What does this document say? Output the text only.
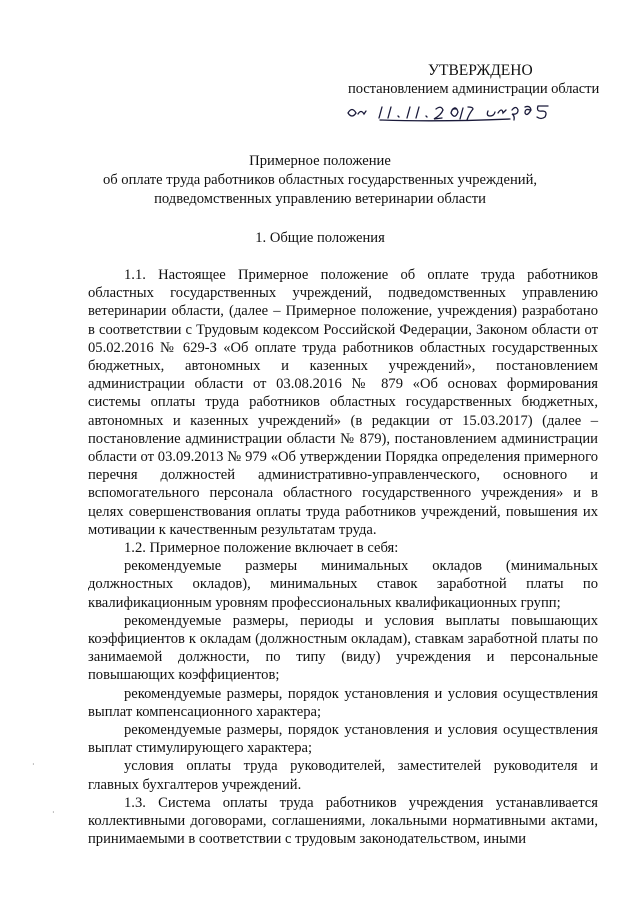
УТВЕРЖДЕНО
постановлением администрации области
Примерное положение
об оплате труда работников областных государственных учреждений,
подведомственных управлению ветеринарии области
1. Общие положения

1.1. Настоящее Примерное положение об оплате труда работников областных государственных учреждений, подведомственных управлению ветеринарии области, (далее – Примерное положение, учреждения) разработано в соответствии с Трудовым кодексом Российской Федерации, Законом области от 05.02.2016 № 629-З «Об оплате труда работников областных государственных бюджетных, автономных и казенных учреждений», постановлением администрации области от 03.08.2016 № 879 «Об основах формирования системы оплаты труда работников областных государственных бюджетных, автономных и казенных учреждений» (в редакции от 15.03.2017) (далее – постановление администрации области № 879), постановлением администрации области от 03.09.2013 № 979 «Об утверждении Порядка определения примерного перечня должностей административно-управленческого, основного и вспомогательного персонала областного государственного учреждения» и в целях совершенствования оплаты труда работников учреждений, повышения их мотивации к качественным результатам труда.

1.2. Примерное положение включает в себя:

рекомендуемые размеры минимальных окладов (минимальных должностных окладов), минимальных ставок заработной платы по квалификационным уровням профессиональных квалификационных групп;

рекомендуемые размеры, периоды и условия выплаты повышающих коэффициентов к окладам (должностным окладам), ставкам заработной платы по занимаемой должности, по типу (виду) учреждения и персональные повышающих коэффициентов;

рекомендуемые размеры, порядок установления и условия осуществления выплат компенсационного характера;

рекомендуемые размеры, порядок установления и условия осуществления выплат стимулирующего характера;

условия оплаты труда руководителей, заместителей руководителя и главных бухгалтеров учреждений.

1.3. Система оплаты труда работников учреждения устанавливается коллективными договорами, соглашениями, локальными нормативными актами, принимаемыми в соответствии с трудовым законодательством, иными

·
·
